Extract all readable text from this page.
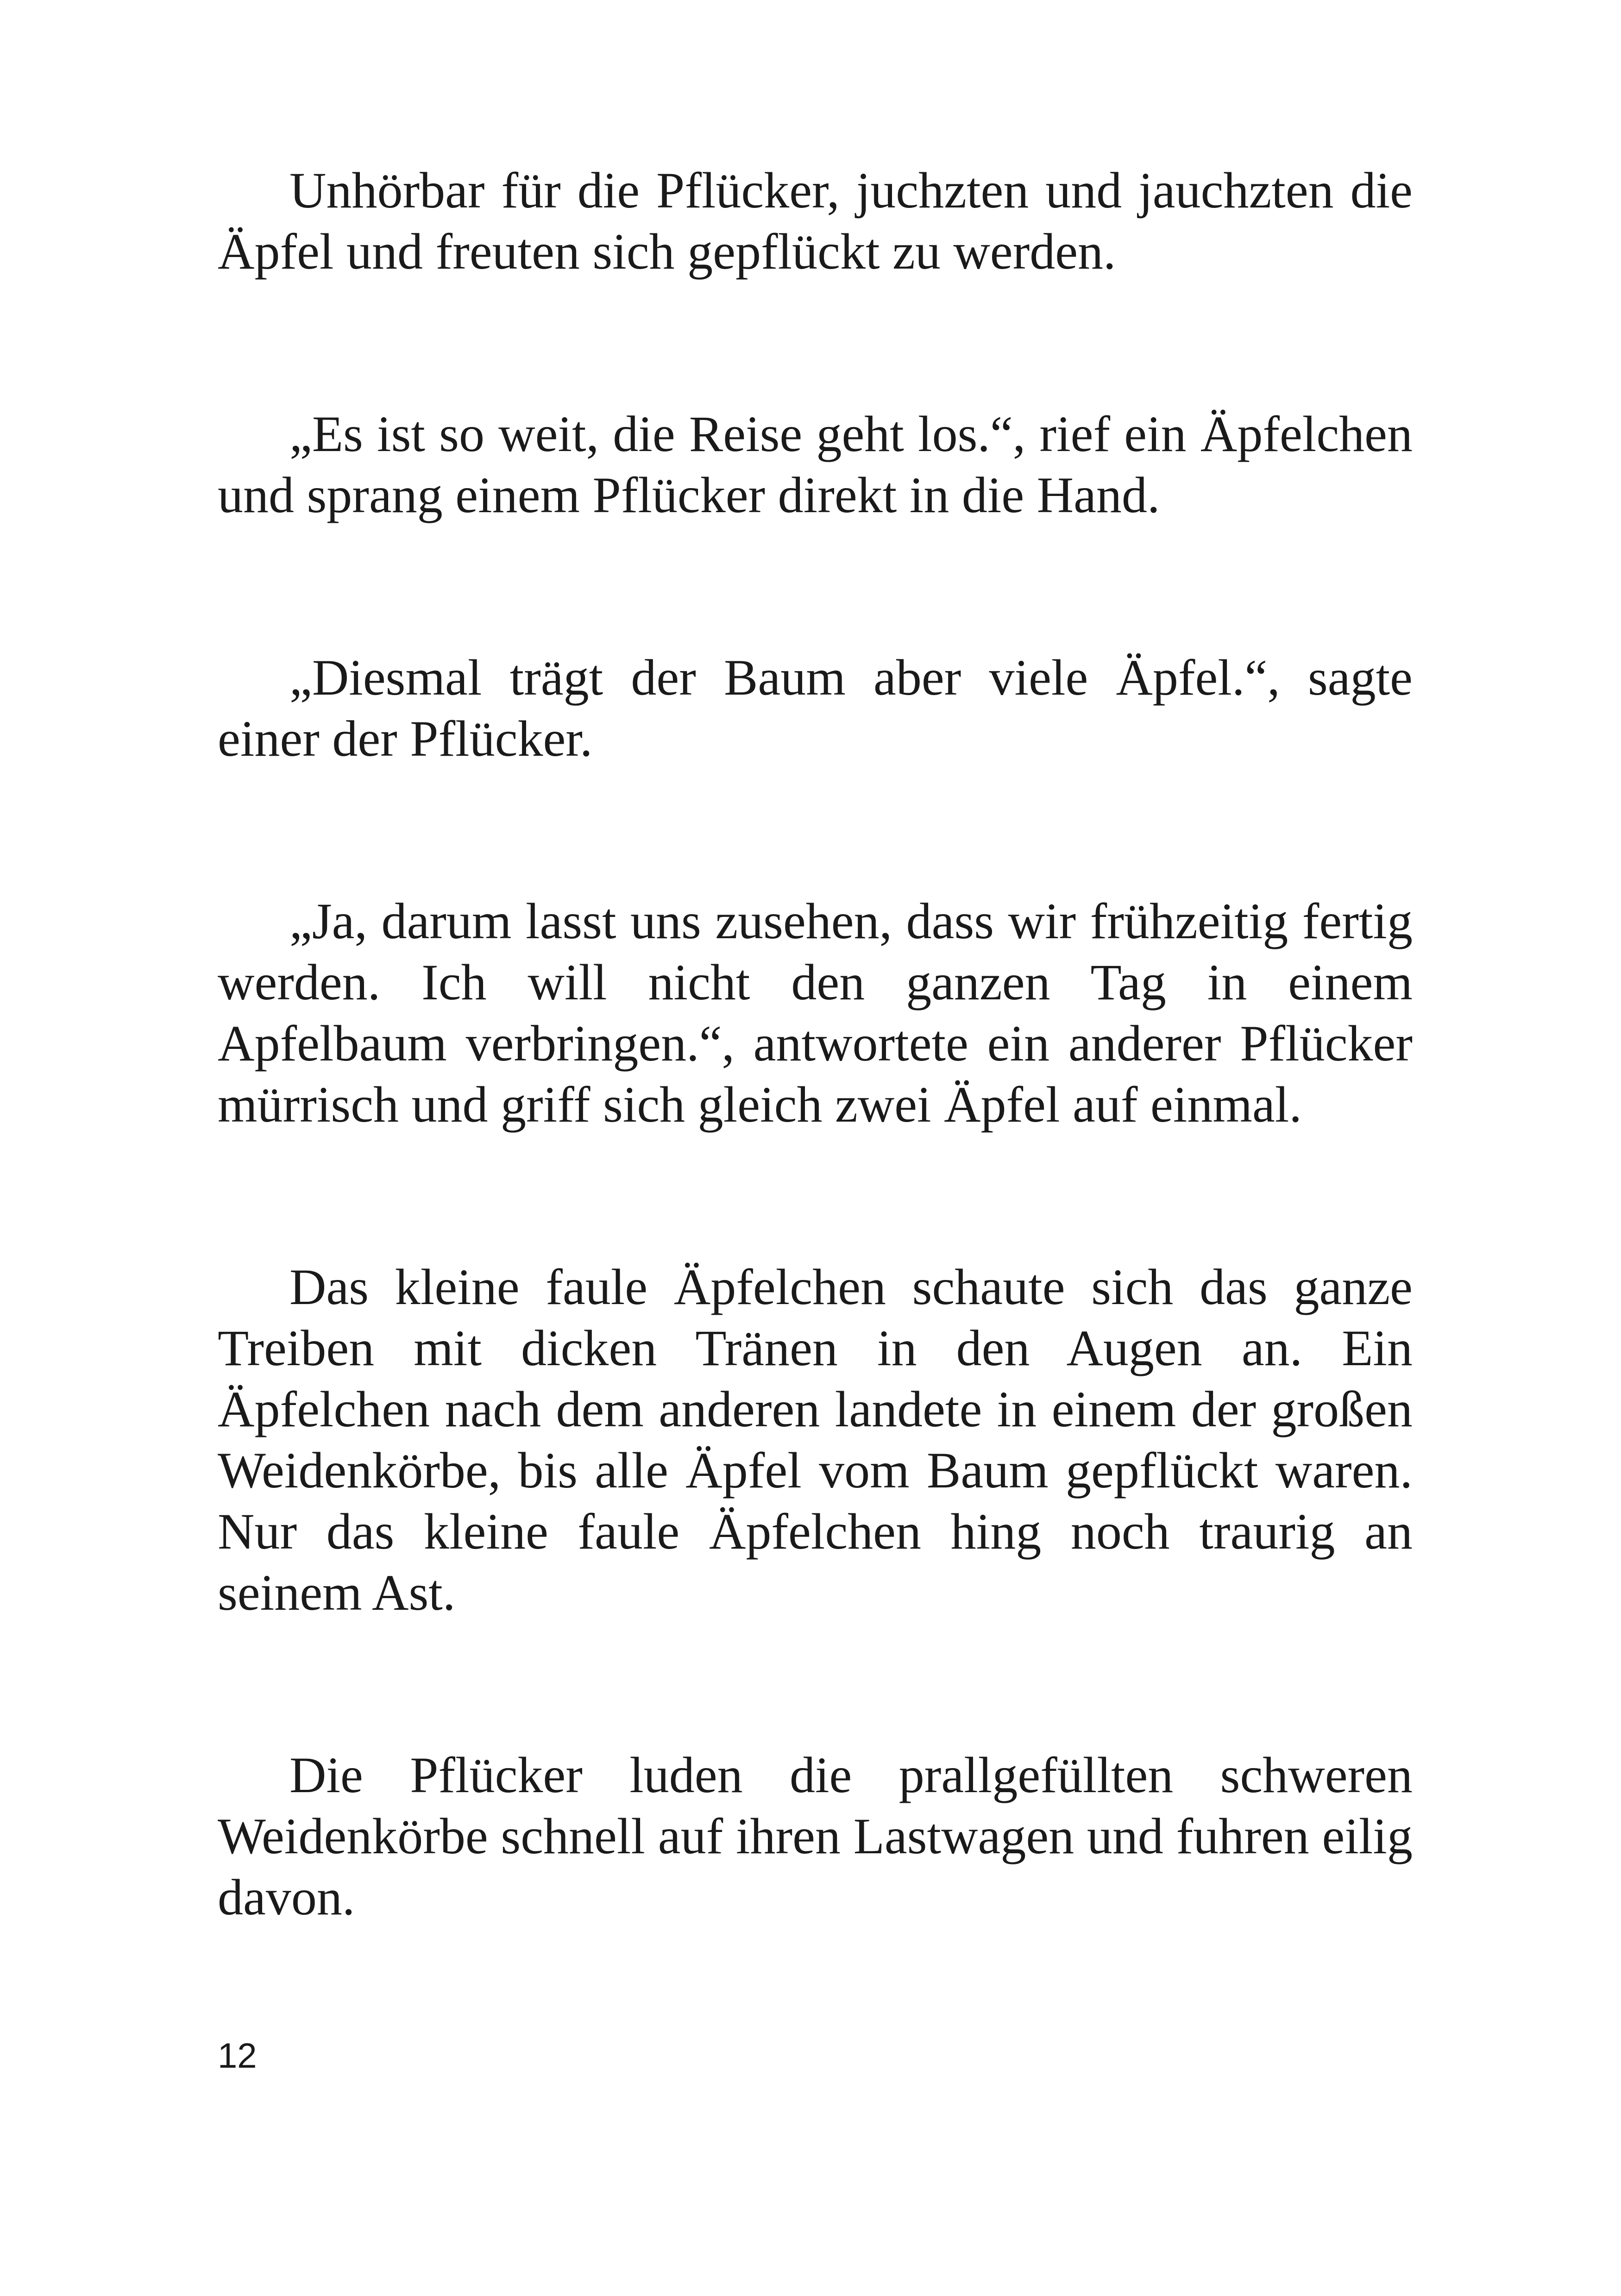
Unhörbar für die Pflücker, juchzten und jauchzten die Äpfel und freuten sich gepflückt zu werden.

„Es ist so weit, die Reise geht los.“, rief ein Äpfelchen und sprang einem Pflücker direkt in die Hand.

„Diesmal trägt der Baum aber viele Äpfel.“, sagte einer der Pflücker.

„Ja, darum lasst uns zusehen, dass wir frühzeitig fertig werden. Ich will nicht den ganzen Tag in einem Apfelbaum verbringen.“, antwortete ein anderer Pflücker mürrisch und griff sich gleich zwei Äpfel auf einmal.

Das kleine faule Äpfelchen schaute sich das ganze Treiben mit dicken Tränen in den Augen an. Ein Äpfelchen nach dem anderen landete in einem der großen Weidenkörbe, bis alle Äpfel vom Baum gepflückt waren. Nur das kleine faule Äpfelchen hing noch traurig an seinem Ast.

Die Pflücker luden die prallgefüllten schweren Weidenkörbe schnell auf ihren Lastwagen und fuhren eilig davon.

12
